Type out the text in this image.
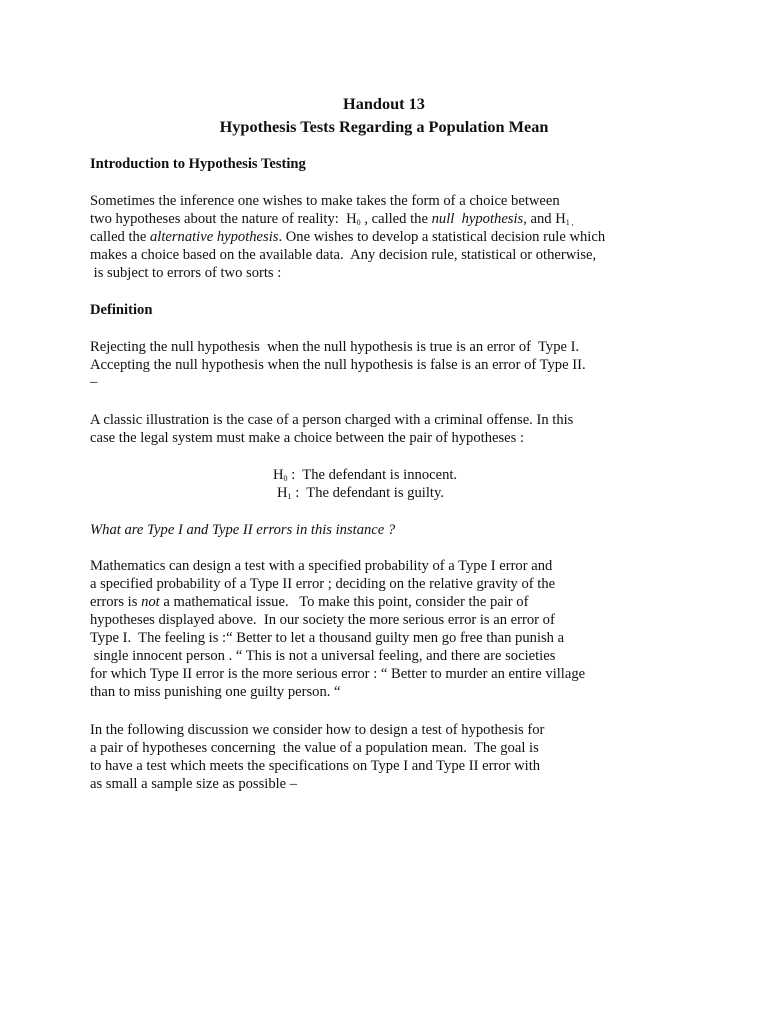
Handout 13
Hypothesis Tests Regarding a Population Mean
Introduction to Hypothesis Testing
Sometimes the inference one wishes to make takes the form of a choice between
two hypotheses about the nature of reality:  $H_0$ , called the null  hypothesis, and $H_{1 ,}$
called the alternative hypothesis. One wishes to develop a statistical decision rule which
makes a choice based on the available data.  Any decision rule, statistical or otherwise,
is subject to errors of two sorts :
Definition
Rejecting the null hypothesis  when the null hypothesis is true is an error of  Type I.
Accepting the null hypothesis when the null hypothesis is false is an error of Type II.
–
A classic illustration is the case of a person charged with a criminal offense. In this
case the legal system must make a choice between the pair of hypotheses :
$H_0$ :  The defendant is innocent.
$H_1$ :  The defendant is guilty.
What are Type I and Type II errors in this instance ?
Mathematics can design a test with a specified probability of a Type I error and
a specified probability of a Type II error ; deciding on the relative gravity of the
errors is not a mathematical issue.   To make this point, consider the pair of
hypotheses displayed above.  In our society the more serious error is an error of
Type I.  The feeling is :“ Better to let a thousand guilty men go free than punish a
single innocent person . “ This is not a universal feeling, and there are societies
for which Type II error is the more serious error : “ Better to murder an entire village
than to miss punishing one guilty person. “
In the following discussion we consider how to design a test of hypothesis for
a pair of hypotheses concerning  the value of a population mean.  The goal is
to have a test which meets the specifications on Type I and Type II error with
as small a sample size as possible –
